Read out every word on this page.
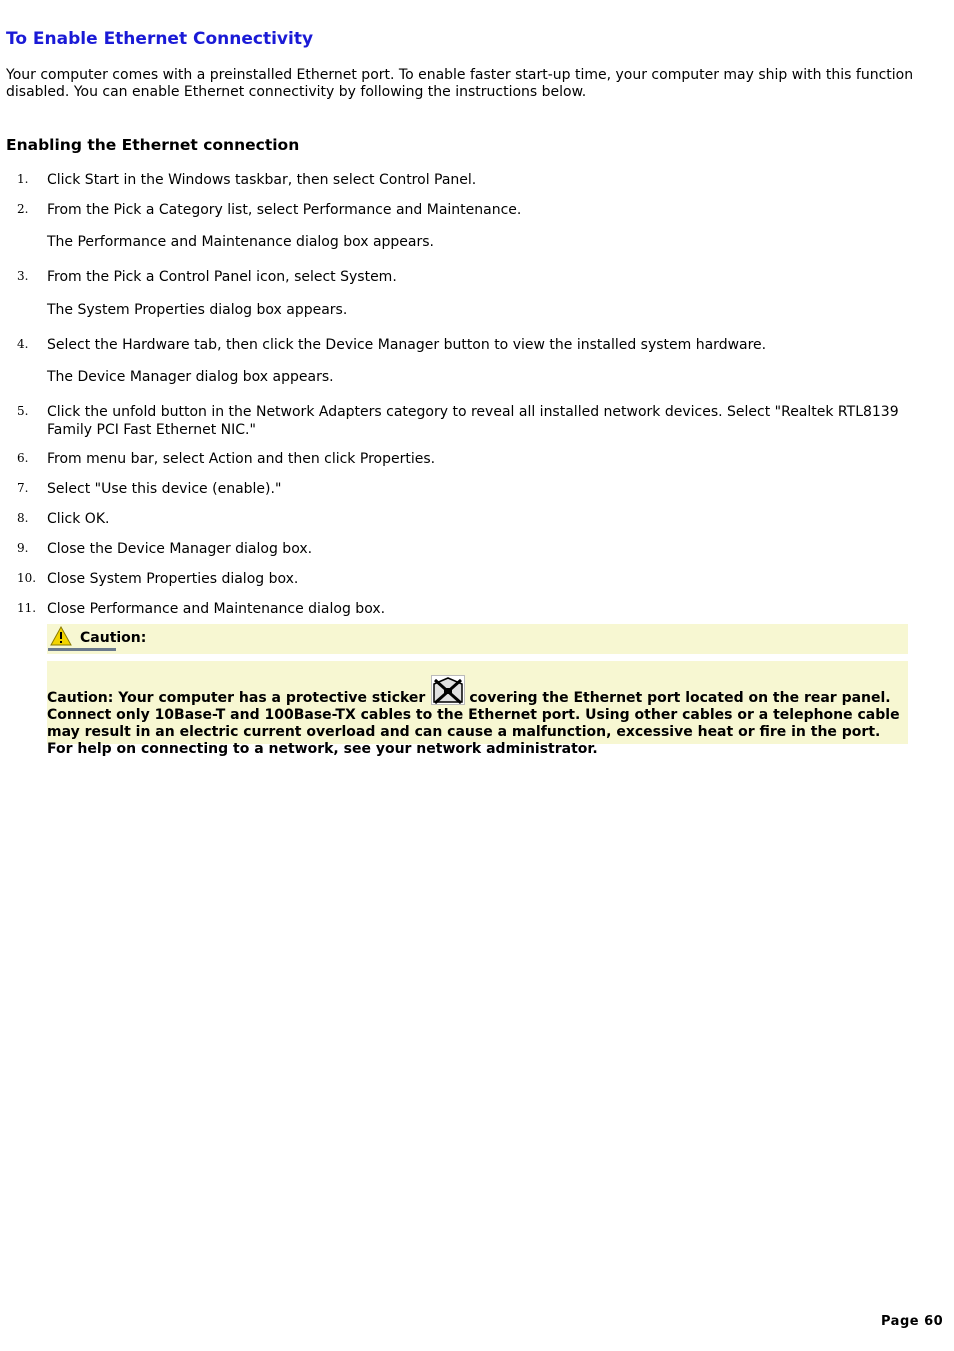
To Enable Ethernet Connectivity

Your computer comes with a preinstalled Ethernet port. To enable faster start-up time, your computer may ship with this function disabled. You can enable Ethernet connectivity by following the instructions below.

Enabling the Ethernet connection
1. Click Start in the Windows taskbar, then select Control Panel.
2. From the Pick a Category list, select Performance and Maintenance.
The Performance and Maintenance dialog box appears.
3. From the Pick a Control Panel icon, select System.
The System Properties dialog box appears.
4. Select the Hardware tab, then click the Device Manager button to view the installed system hardware.
The Device Manager dialog box appears.
5. Click the unfold button in the Network Adapters category to reveal all installed network devices. Select "Realtek RTL8139 Family PCI Fast Ethernet NIC."
6. From menu bar, select Action and then click Properties.
7. Select "Use this device (enable)."
8. Click OK.
9. Close the Device Manager dialog box.
10. Close System Properties dialog box.
11. Close Performance and Maintenance dialog box.
Caution:

Caution: Your computer has a protective sticker	covering the Ethernet port located on the rear panel. Connect only 10Base-T and 100Base-TX cables to the Ethernet port. Using other cables or a telephone cable may result in an electric current overload and can cause a malfunction, excessive heat or fire in the port. For help on connecting to a network, see your network administrator.

Page 60
